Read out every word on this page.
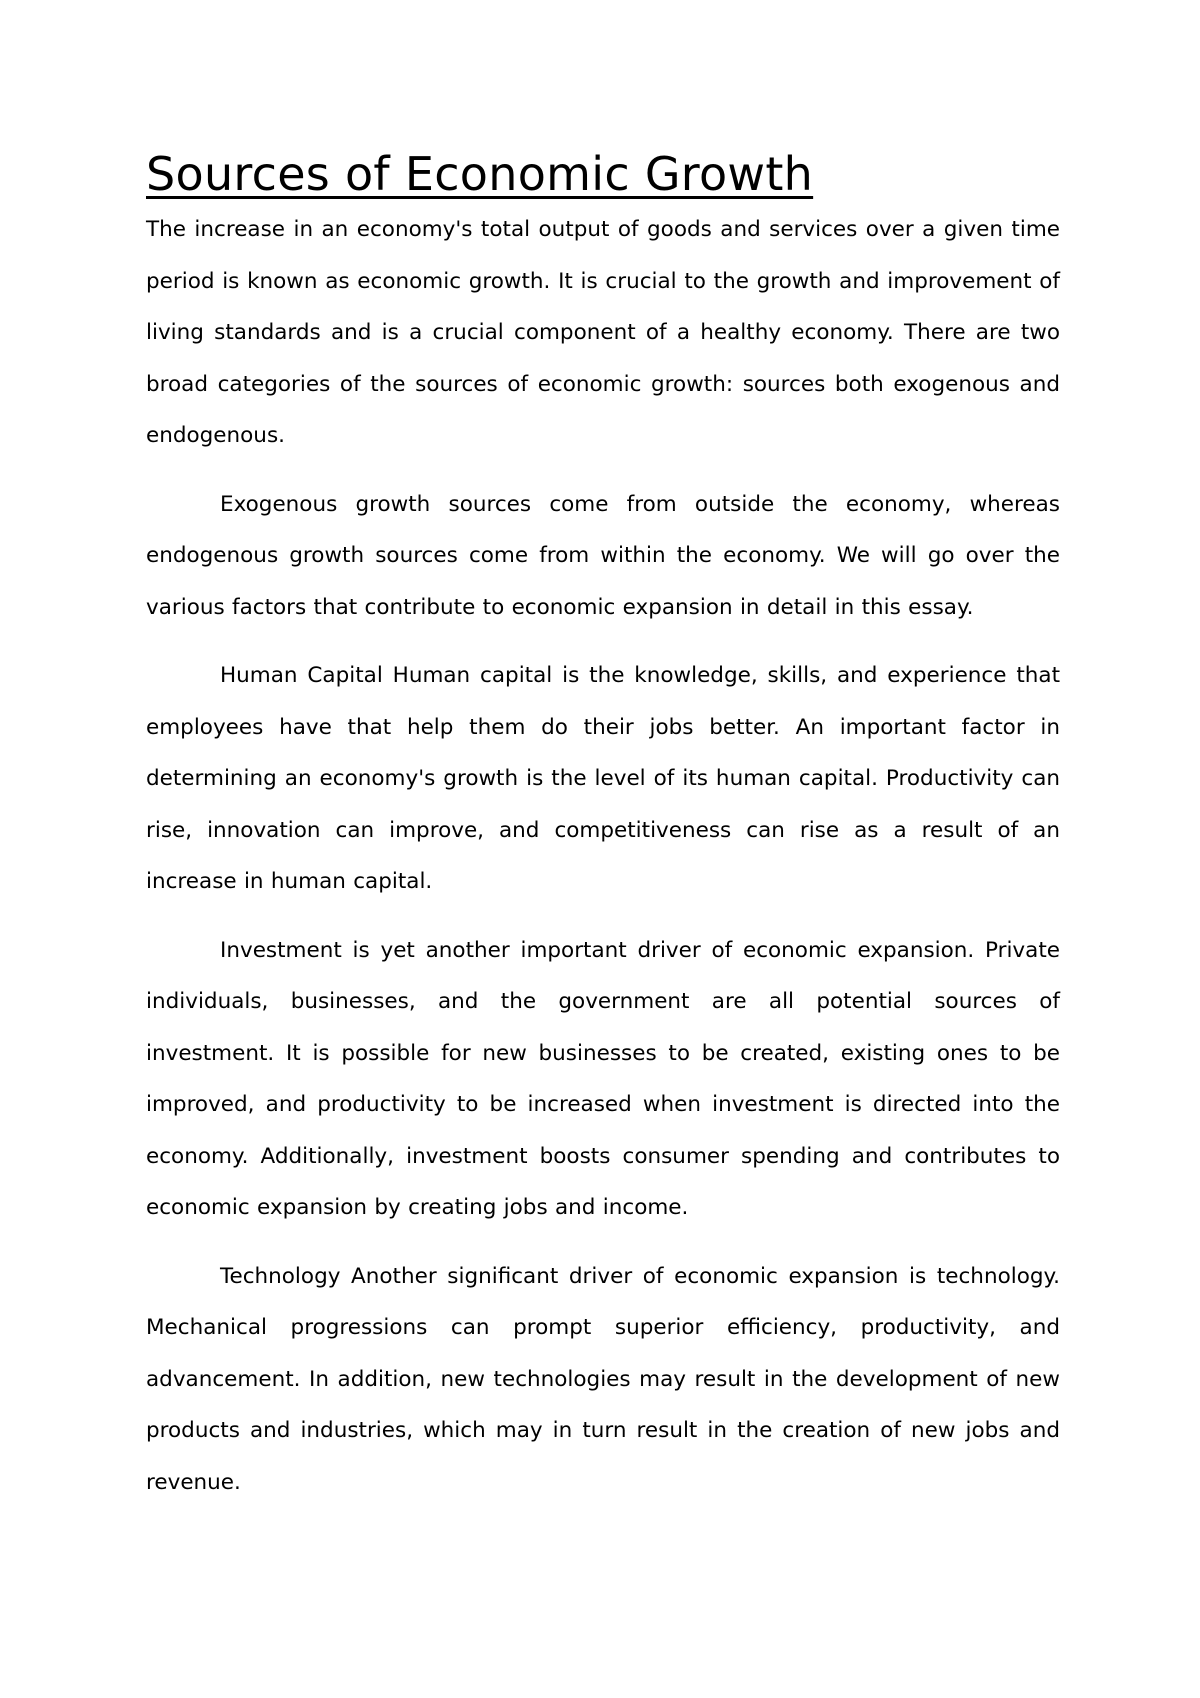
Sources of Economic Growth

The increase in an economy's total output of goods and services over a given time period is known as economic growth. It is crucial to the growth and improvement of living standards and is a crucial component of a healthy economy. There are two broad categories of the sources of economic growth: sources both exogenous and endogenous.

Exogenous growth sources come from outside the economy, whereas endogenous growth sources come from within the economy. We will go over the various factors that contribute to economic expansion in detail in this essay.

Human Capital Human capital is the knowledge, skills, and experience that employees have that help them do their jobs better. An important factor in determining an economy's growth is the level of its human capital. Productivity can rise, innovation can improve, and competitiveness can rise as a result of an increase in human capital.

Investment is yet another important driver of economic expansion. Private individuals, businesses, and the government are all potential sources of investment. It is possible for new businesses to be created, existing ones to be improved, and productivity to be increased when investment is directed into the economy. Additionally, investment boosts consumer spending and contributes to economic expansion by creating jobs and income.

Technology Another significant driver of economic expansion is technology. Mechanical progressions can prompt superior efficiency, productivity, and advancement. In addition, new technologies may result in the development of new products and industries, which may in turn result in the creation of new jobs and revenue.
